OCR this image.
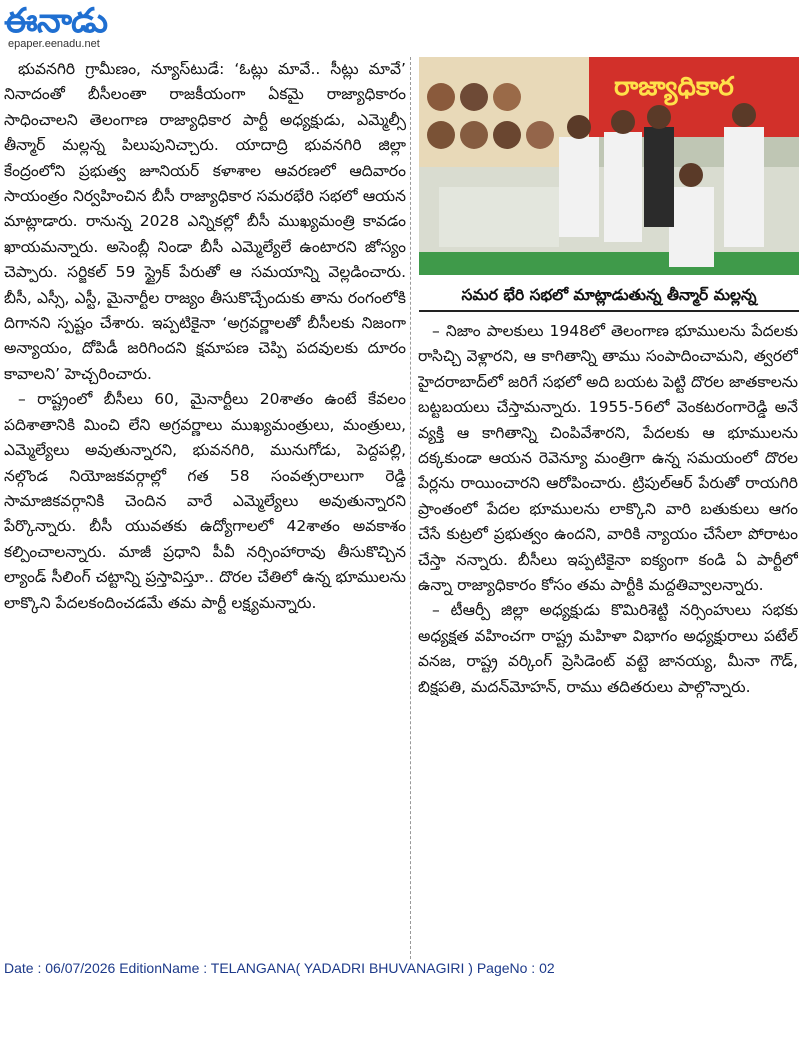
ఈనాడు
epaper.eenadu.net

భువనగిరి గ్రామీణం, న్యూస్‌టుడే: ‘ఓట్లు మావే.. సీట్లు మావే’ నినాదంతో బీసీలంతా రాజకీయంగా ఏకమై రాజ్యాధికారం సాధించాలని తెలంగాణ రాజ్యాధికార పార్టీ అధ్యక్షుడు, ఎమ్మెల్సీ తీన్మార్ మల్లన్న పిలుపునిచ్చారు. యాదాద్రి భువనగిరి జిల్లా కేంద్రంలోని ప్రభుత్వ జూనియర్ కళాశాల ఆవరణలో ఆదివారం సాయంత్రం నిర్వహించిన బీసీ రాజ్యాధికార సమరభేరి సభలో ఆయన మాట్లాడారు. రానున్న 2028 ఎన్నికల్లో బీసీ ముఖ్యమంత్రి కావడం ఖాయమన్నారు. అసెంబ్లీ నిండా బీసీ ఎమ్మెల్యేలే ఉంటారని జోస్యం చెప్పారు. సర్జికల్ 59 స్ట్రైక్ పేరుతో ఆ సమయాన్ని వెల్లడించారు. బీసీ, ఎస్సీ, ఎస్టీ, మైనార్టీల రాజ్యం తీసుకొచ్చేందుకు తాను రంగంలోకి దిగానని స్పష్టం చేశారు. ఇప్పటికైనా ‘అగ్రవర్ణాలతో బీసీలకు నిజంగా అన్యాయం, దోపిడీ జరిగిందని క్షమాపణ చెప్పి పదవులకు దూరం కావాలని’ హెచ్చరించారు.

– రాష్ట్రంలో బీసీలు 60, మైనార్టీలు 20శాతం ఉంటే కేవలం పదిశాతానికి మించి లేని అగ్రవర్ణాలు ముఖ్యమంత్రులు, మంత్రులు, ఎమ్మెల్యేలు అవుతున్నారని, భువనగిరి, మునుగోడు, పెద్దపల్లి, నల్గొండ నియోజకవర్గాల్లో గత 58 సంవత్సరాలుగా రెడ్డి సామాజికవర్గానికి చెందిన వారే ఎమ్మెల్యేలు అవుతున్నారని పేర్కొన్నారు. బీసీ యువతకు ఉద్యోగాలలో 42శాతం అవకాశం కల్పించాలన్నారు. మాజీ ప్రధాని పీవీ నర్సింహారావు తీసుకొచ్చిన ల్యాండ్ సీలింగ్ చట్టాన్ని ప్రస్తావిస్తూ.. దొరల చేతిలో ఉన్న భూములను లాక్కొని పేదలకందించడమే తమ పార్టీ లక్ష్యమన్నారు.

రాజ్యాధికార
సమర భేరి సభలో మాట్లాడుతున్న తీన్మార్ మల్లన్న

– నిజాం పాలకులు 1948లో తెలంగాణ భూములను పేదలకు రాసిచ్చి వెళ్లారని, ఆ కాగితాన్ని తాము సంపాదించామని, త్వరలో హైదరాబాద్‌లో జరిగే సభలో అది బయట పెట్టి దొరల జాతకాలను బట్టబయలు చేస్తామన్నారు. 1955-56లో వెంకటరంగారెడ్డి అనే వ్యక్తి ఆ కాగితాన్ని చింపివేశారని, పేదలకు ఆ భూములను దక్కకుండా ఆయన రెవెన్యూ మంత్రిగా ఉన్న సమయంలో దొరల పేర్లను రాయించారని ఆరోపించారు. ట్రిపుల్‌ఆర్ పేరుతో రాయగిరి ప్రాంతంలో పేదల భూములను లాక్కొని వారి బతుకులు ఆగం చేసే కుట్రలో ప్రభుత్వం ఉందని, వారికి న్యాయం చేసేలా పోరాటం చేస్తా నన్నారు. బీసీలు ఇప్పటికైనా ఐక్యంగా కండి ఏ పార్టీలో ఉన్నా రాజ్యాధికారం కోసం తమ పార్టీకి మద్దతివ్వాలన్నారు.

– టీఆర్పీ జిల్లా అధ్యక్షుడు కొమిరిశెట్టి నర్సింహులు సభకు అధ్యక్షత వహించగా రాష్ట్ర మహిళా విభాగం అధ్యక్షురాలు పటేల్ వనజ, రాష్ట్ర వర్కింగ్ ప్రెసిడెంట్ వట్టె జానయ్య, మీనా గౌడ్, బిక్షపతి, మదన్‌మోహన్, రాము తదితరులు పాల్గొన్నారు.

Date : 06/07/2026 EditionName : TELANGANA( YADADRI BHUVANAGIRI ) PageNo : 02
